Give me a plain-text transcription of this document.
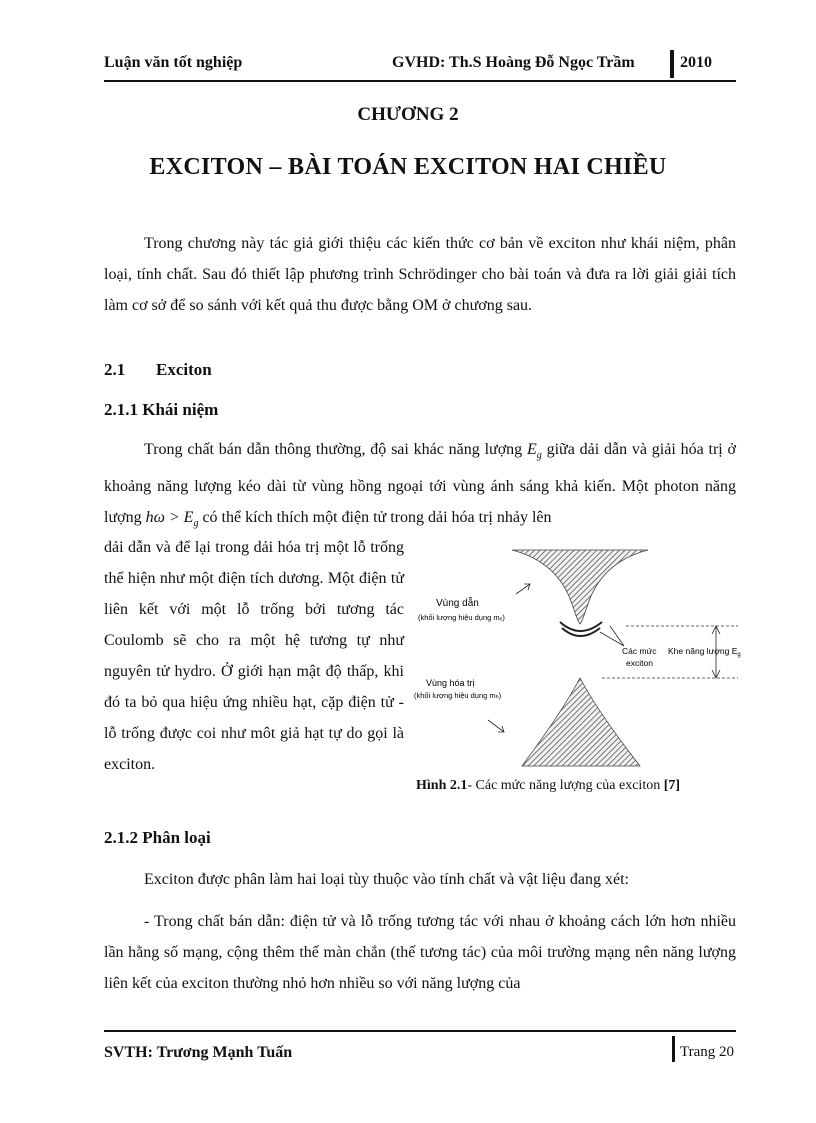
Luận văn tốt nghiệp	GVHD: Th.S Hoàng Đỗ Ngọc Trầm	2010
CHƯƠNG 2
EXCITON – BÀI TOÁN EXCITON HAI CHIỀU
Trong chương này tác giả giới thiệu các kiến thức cơ bản về exciton như khái niệm, phân loại, tính chất. Sau đó thiết lập phương trình Schrödinger cho bài toán và đưa ra lời giải giải tích làm cơ sở để so sánh với kết quả thu được bằng OM ở chương sau.
2.1 Exciton
2.1.1 Khái niệm
Trong chất bán dẫn thông thường, độ sai khác năng lượng $E_g$ giữa dải dẫn và giải hóa trị ở khoảng năng lượng kéo dài từ vùng hồng ngoại tới vùng ánh sáng khả kiến. Một photon năng lượng $h\omega > E_g$ có thể kích thích một điện tử trong dải hóa trị nhảy lên
dải dẫn và để lại trong dải hóa trị một lỗ trống thể hiện như một điện tích dương. Một điện tử liên kết với một lỗ trống bởi tương tác Coulomb sẽ cho ra một hệ tương tự như nguyên tử hydro. Ở giới hạn mật độ thấp, khi đó ta bỏ qua hiệu ứng nhiều hạt, cặp điện tử - lỗ trống được coi như môt giả hạt tự do gọi là exciton.
Vùng dẫn
(khối lượng hiệu dụng mₑ)
Các mức
exciton
Khe năng lượng $E_g$
Vùng hóa trị
(khối lượng hiệu dụng mₕ)
Hình 2.1- Các mức năng lượng của exciton [7]
2.1.2 Phân loại
Exciton được phân làm hai loại tùy thuộc vào tính chất và vật liệu đang xét:
- Trong chất bán dẫn: điện tử và lỗ trống tương tác với nhau ở khoảng cách lớn hơn nhiều lần hằng số mạng, cộng thêm thế màn chắn (thế tương tác) của môi trường mạng nên năng lượng liên kết của exciton thường nhỏ hơn nhiều so với năng lượng của
SVTH: Trương Mạnh Tuấn	Trang 20
